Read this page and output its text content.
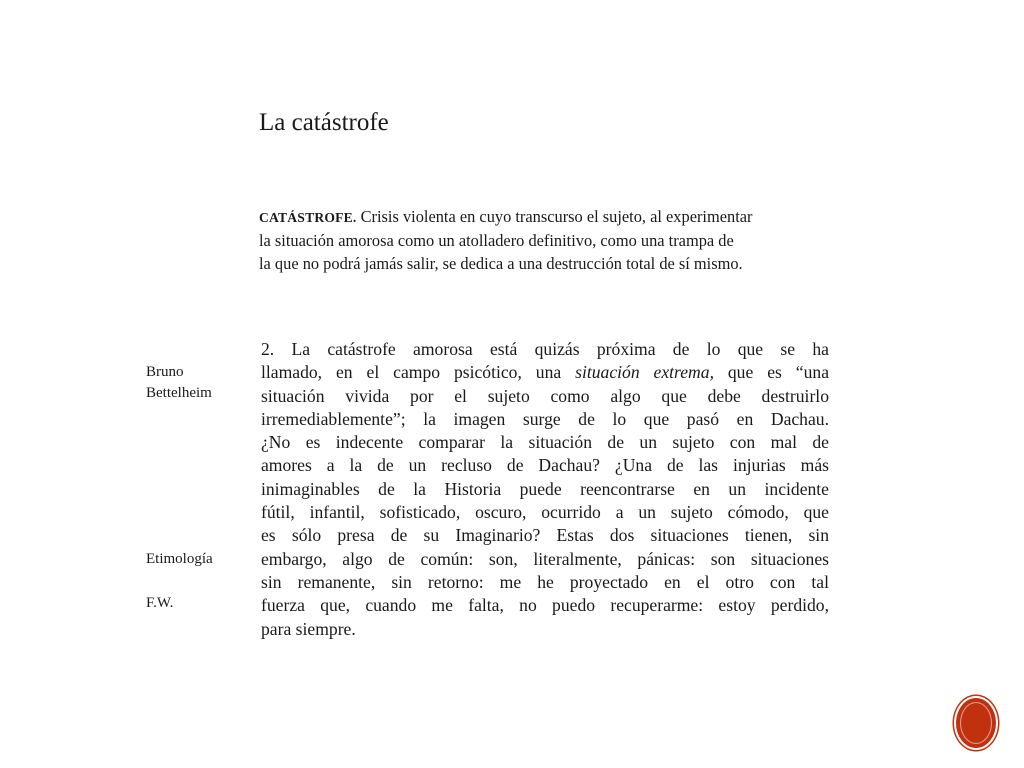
La catástrofe

CATÁSTROFE. Crisis violenta en cuyo transcurso el sujeto, al experimentar
la situación amorosa como un atolladero definitivo, como una trampa de
la que no podrá jamás salir, se dedica a una destrucción total de sí mismo.

Bruno
Bettelheim
Etimología
F.W.
2. La catástrofe amorosa está quizás próxima de lo que se ha
llamado, en el campo psicótico, una situación extrema, que es “una
situación vivida por el sujeto como algo que debe destruirlo
irremediablemente”; la imagen surge de lo que pasó en Dachau.
¿No es indecente comparar la situación de un sujeto con mal de
amores a la de un recluso de Dachau? ¿Una de las injurias más
inimaginables de la Historia puede reencontrarse en un incidente
fútil, infantil, sofisticado, oscuro, ocurrido a un sujeto cómodo, que
es sólo presa de su Imaginario? Estas dos situaciones tienen, sin
embargo, algo de común: son, literalmente, pánicas: son situaciones
sin remanente, sin retorno: me he proyectado en el otro con tal
fuerza que, cuando me falta, no puedo recuperarme: estoy perdido,
para siempre.
